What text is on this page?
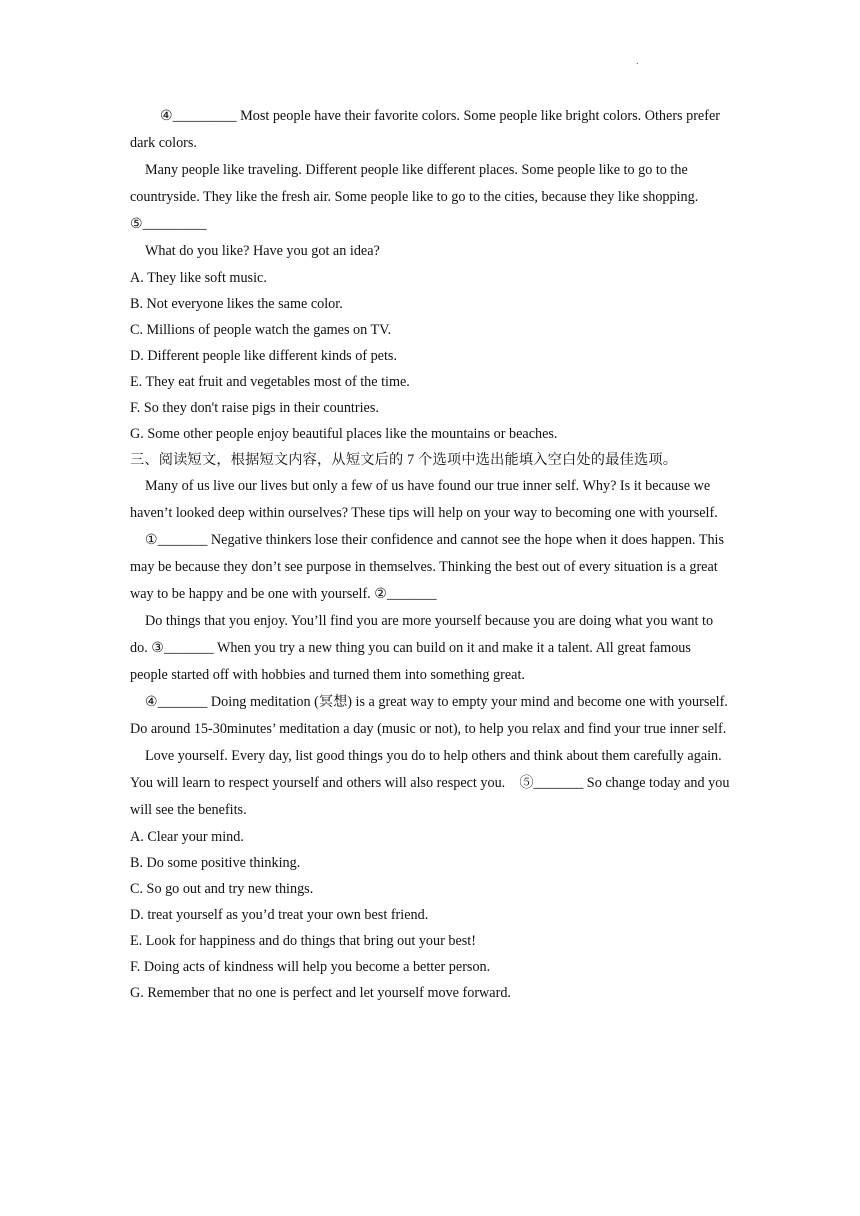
.

④_________ Most people have their favorite colors. Some people like bright colors. Others prefer dark colors.

Many people like traveling. Different people like different places. Some people like to go to the countryside. They like the fresh air. Some people like to go to the cities, because they like shopping. ⑤_________

What do you like? Have you got an idea?

A. They like soft music.

B. Not everyone likes the same color.

C. Millions of people watch the games on TV.

D. Different people like different kinds of pets.

E. They eat fruit and vegetables most of the time.

F. So they don't raise pigs in their countries.

G. Some other people enjoy beautiful places like the mountains or beaches.

三、阅读短文，根据短文内容，从短文后的 7 个选项中选出能填入空白处的最佳选项。

Many of us live our lives but only a few of us have found our true inner self. Why? Is it because we haven’t looked deep within ourselves? These tips will help on your way to becoming one with yourself.

①_______ Negative thinkers lose their confidence and cannot see the hope when it does happen. This may be because they don’t see purpose in themselves. Thinking the best out of every situation is a great way to be happy and be one with yourself. ②_______

Do things that you enjoy. You’ll find you are more yourself because you are doing what you want to do. ③_______ When you try a new thing you can build on it and make it a talent. All great famous people started off with hobbies and turned them into something great.

④_______ Doing meditation (冥想) is a great way to empty your mind and become one with yourself. Do around 15-30minutes’ meditation a day (music or not), to help you relax and find your true inner self.

Love yourself. Every day, list good things you do to help others and think about them carefully again. You will learn to respect yourself and others will also respect you.　⑤_______ So change today and you will see the benefits.

A. Clear your mind.

B. Do some positive thinking.

C. So go out and try new things.

D. treat yourself as you’d treat your own best friend.

E. Look for happiness and do things that bring out your best!

F. Doing acts of kindness will help you become a better person.

G. Remember that no one is perfect and let yourself move forward.
